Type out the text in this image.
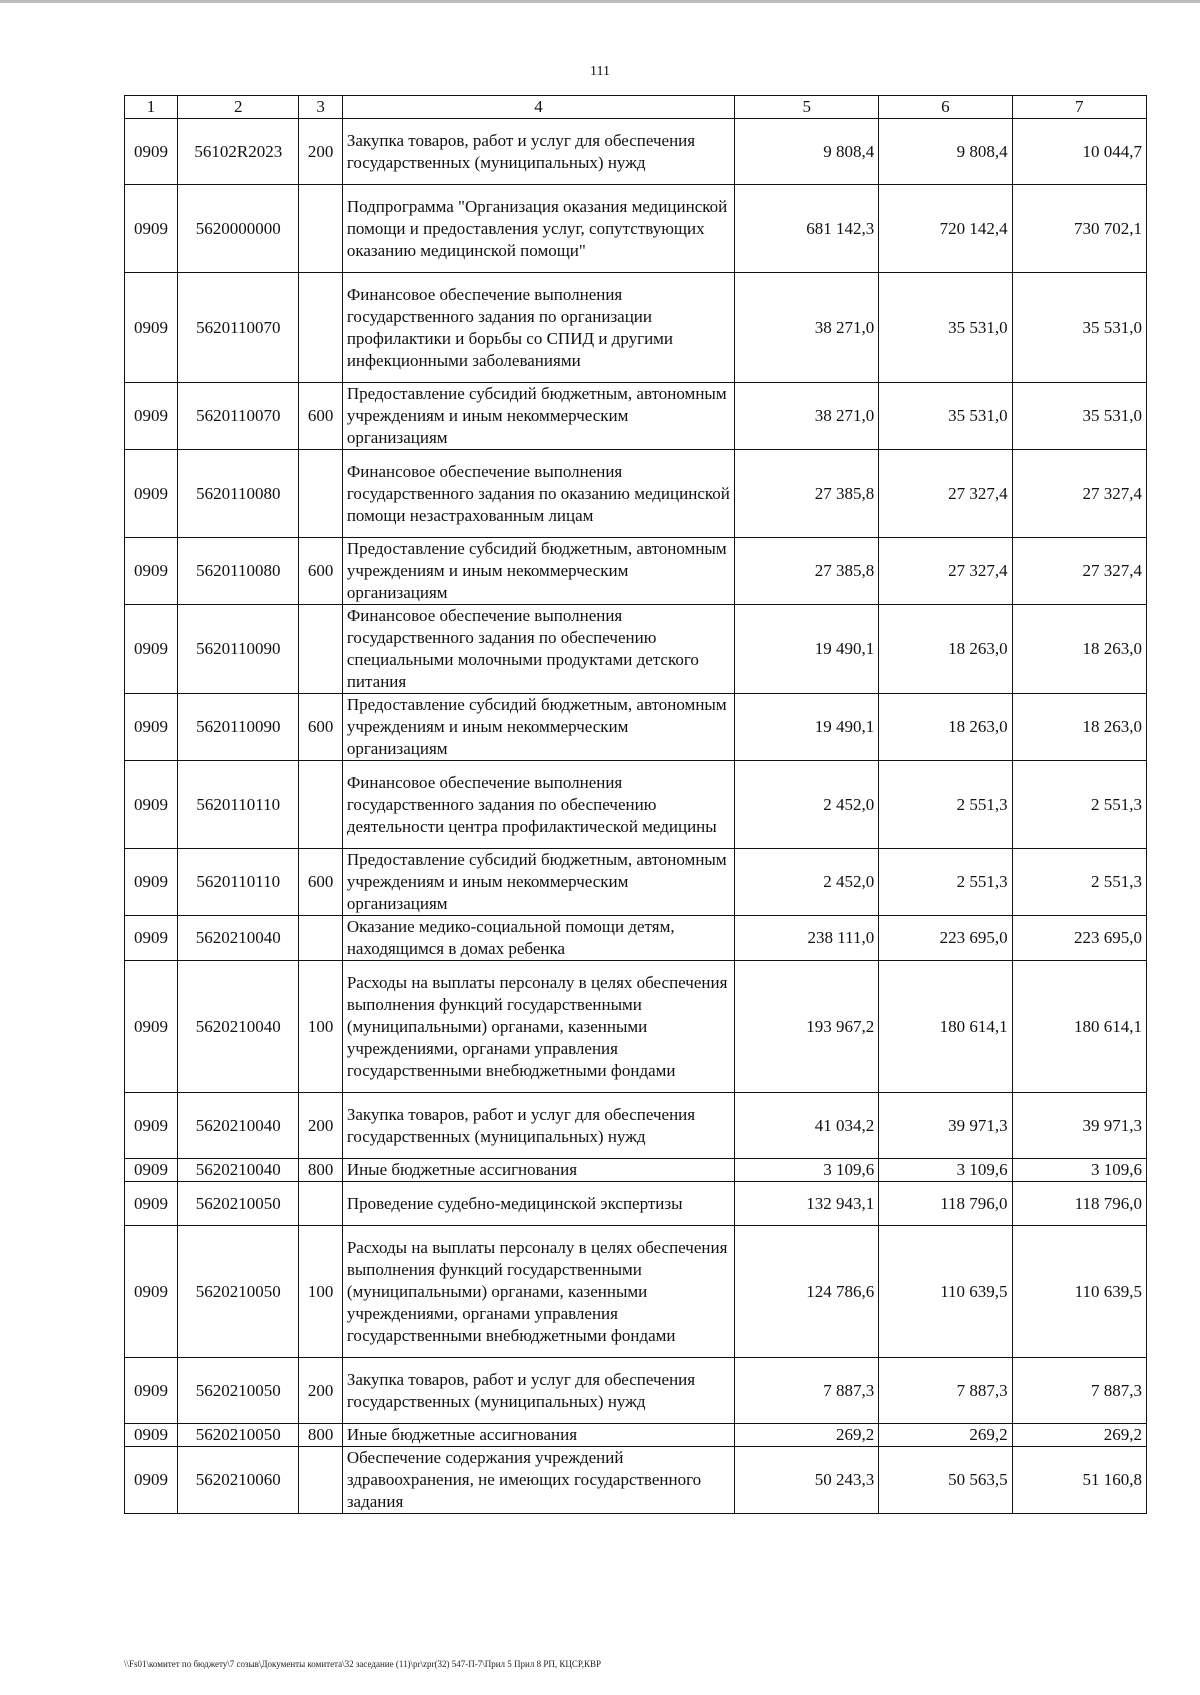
111
1	2	3	4	5	6	7
0909	56102R2023	200	Закупка товаров, работ и услуг для обеспечения государственных (муниципальных) нужд	9 808,4	9 808,4	10 044,7
0909	5620000000		Подпрограмма "Организация оказания медицинской помощи и предоставления услуг, сопутствующих оказанию медицинской помощи"	681 142,3	720 142,4	730 702,1
0909	5620110070		Финансовое обеспечение выполнения государственного задания по организации профилактики и борьбы со СПИД и другими инфекционными заболеваниями	38 271,0	35 531,0	35 531,0
0909	5620110070	600	Предоставление субсидий бюджетным, автономным учреждениям и иным некоммерческим организациям	38 271,0	35 531,0	35 531,0
0909	5620110080		Финансовое обеспечение выполнения государственного задания по оказанию медицинской помощи незастрахованным лицам	27 385,8	27 327,4	27 327,4
0909	5620110080	600	Предоставление субсидий бюджетным, автономным учреждениям и иным некоммерческим организациям	27 385,8	27 327,4	27 327,4
0909	5620110090		Финансовое обеспечение выполнения государственного задания по обеспечению специальными молочными продуктами детского питания	19 490,1	18 263,0	18 263,0
0909	5620110090	600	Предоставление субсидий бюджетным, автономным учреждениям и иным некоммерческим организациям	19 490,1	18 263,0	18 263,0
0909	5620110110		Финансовое обеспечение выполнения государственного задания по обеспечению деятельности центра профилактической медицины	2 452,0	2 551,3	2 551,3
0909	5620110110	600	Предоставление субсидий бюджетным, автономным учреждениям и иным некоммерческим организациям	2 452,0	2 551,3	2 551,3
0909	5620210040		Оказание медико-социальной помощи детям, находящимся в домах ребенка	238 111,0	223 695,0	223 695,0
0909	5620210040	100	Расходы на выплаты персоналу в целях обеспечения выполнения функций государственными (муниципальными) органами, казенными учреждениями, органами управления государственными внебюджетными фондами	193 967,2	180 614,1	180 614,1
0909	5620210040	200	Закупка товаров, работ и услуг для обеспечения государственных (муниципальных) нужд	41 034,2	39 971,3	39 971,3
0909	5620210040	800	Иные бюджетные ассигнования	3 109,6	3 109,6	3 109,6
0909	5620210050		Проведение судебно-медицинской экспертизы	132 943,1	118 796,0	118 796,0
0909	5620210050	100	Расходы на выплаты персоналу в целях обеспечения выполнения функций государственными (муниципальными) органами, казенными учреждениями, органами управления государственными внебюджетными фондами	124 786,6	110 639,5	110 639,5
0909	5620210050	200	Закупка товаров, работ и услуг для обеспечения государственных (муниципальных) нужд	7 887,3	7 887,3	7 887,3
0909	5620210050	800	Иные бюджетные ассигнования	269,2	269,2	269,2
0909	5620210060		Обеспечение содержания учреждений здравоохранения, не имеющих государственного задания	50 243,3	50 563,5	51 160,8
\\Fs01\комитет по бюджету\7 созыв\Документы комитета\32 заседание (11)\pr\zpr(32) 547-П-7\Прил 5 Прил 8 РП, КЦСР,КВР
